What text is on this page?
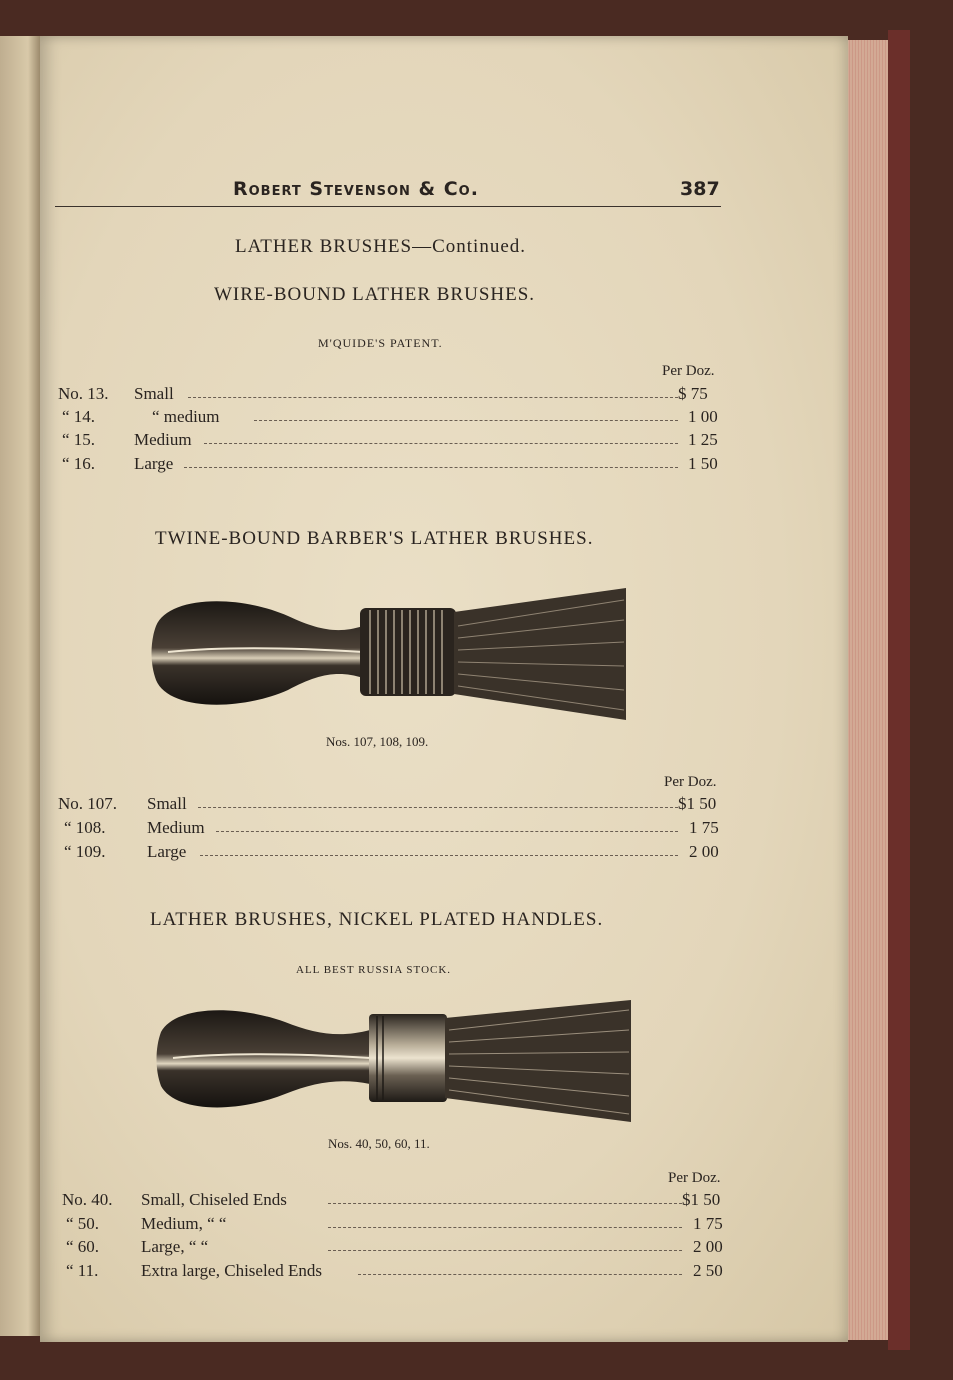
Robert Stevenson & Co.	387
LATHER BRUSHES—Continued.
WIRE-BOUND LATHER BRUSHES.
M'QUIDE'S PATENT.
Per Doz.
No. 13. Small	$ 75
“ 14.	“ medium	1 00
“ 15. Medium	1 25
“ 16. Large	1 50
TWINE-BOUND BARBER'S LATHER BRUSHES.
Nos. 107, 108, 109.
Per Doz.
No. 107. Small	$1 50
“ 108. Medium	1 75
“ 109. Large	2 00
LATHER BRUSHES, NICKEL PLATED HANDLES.
ALL BEST RUSSIA STOCK.
Nos. 40, 50, 60, 11.
Per Doz.
No. 40. Small, Chiseled Ends	$1 50
“ 50. Medium, “ “	1 75
“ 60. Large, “ “	2 00
“ 11.	Extra large, Chiseled Ends	2 50
